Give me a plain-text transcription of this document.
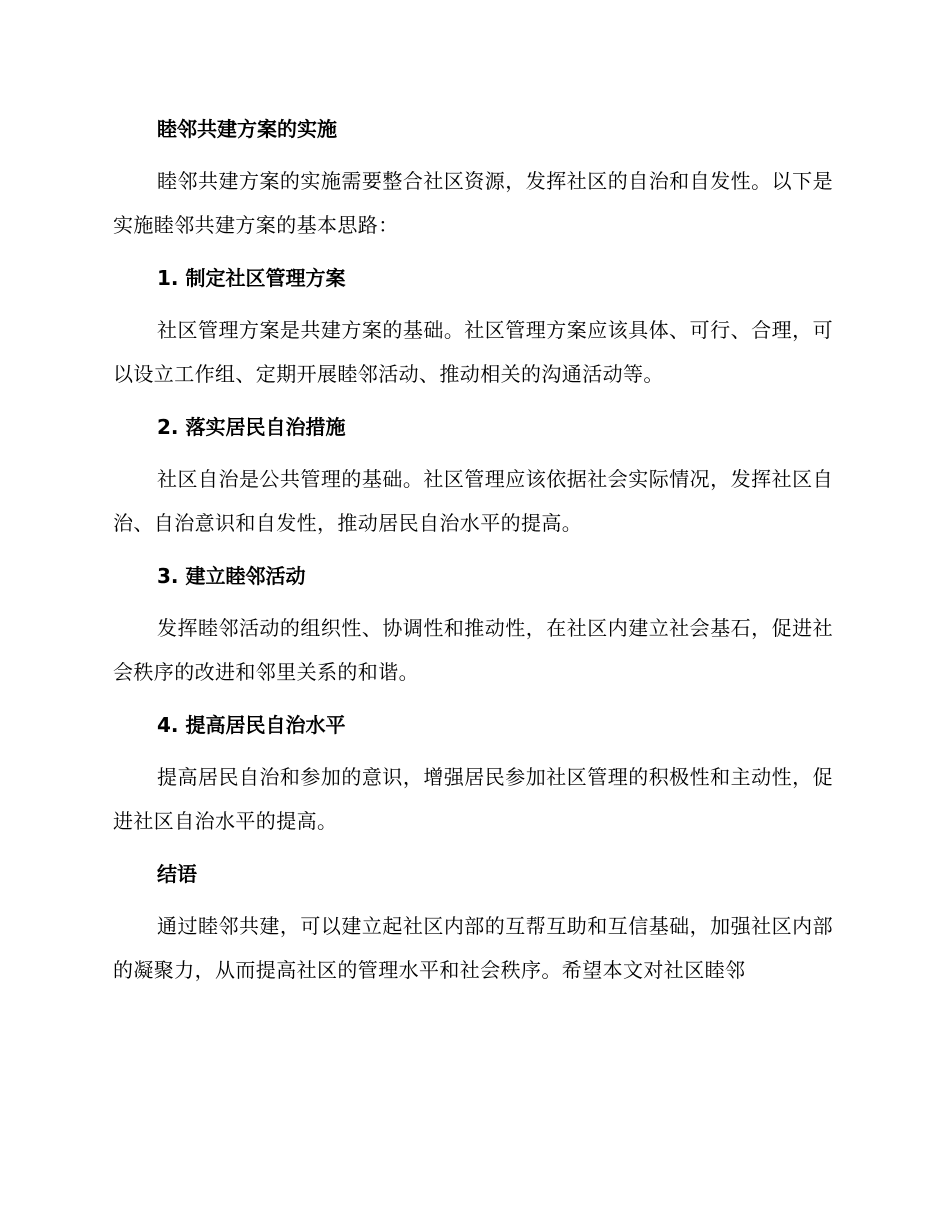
睦邻共建方案的实施

睦邻共建方案的实施需要整合社区资源，发挥社区的自治和自发性。以下是实施睦邻共建方案的基本思路：

1. 制定社区管理方案

社区管理方案是共建方案的基础。社区管理方案应该具体、可行、合理，可以设立工作组、定期开展睦邻活动、推动相关的沟通活动等。

2. 落实居民自治措施

社区自治是公共管理的基础。社区管理应该依据社会实际情况，发挥社区自治、自治意识和自发性，推动居民自治水平的提高。

3. 建立睦邻活动

发挥睦邻活动的组织性、协调性和推动性，在社区内建立社会基石，促进社会秩序的改进和邻里关系的和谐。

4. 提高居民自治水平

提高居民自治和参加的意识，增强居民参加社区管理的积极性和主动性，促进社区自治水平的提高。

结语

通过睦邻共建，可以建立起社区内部的互帮互助和互信基础，加强社区内部的凝聚力，从而提高社区的管理水平和社会秩序。希望本文对社区睦邻
